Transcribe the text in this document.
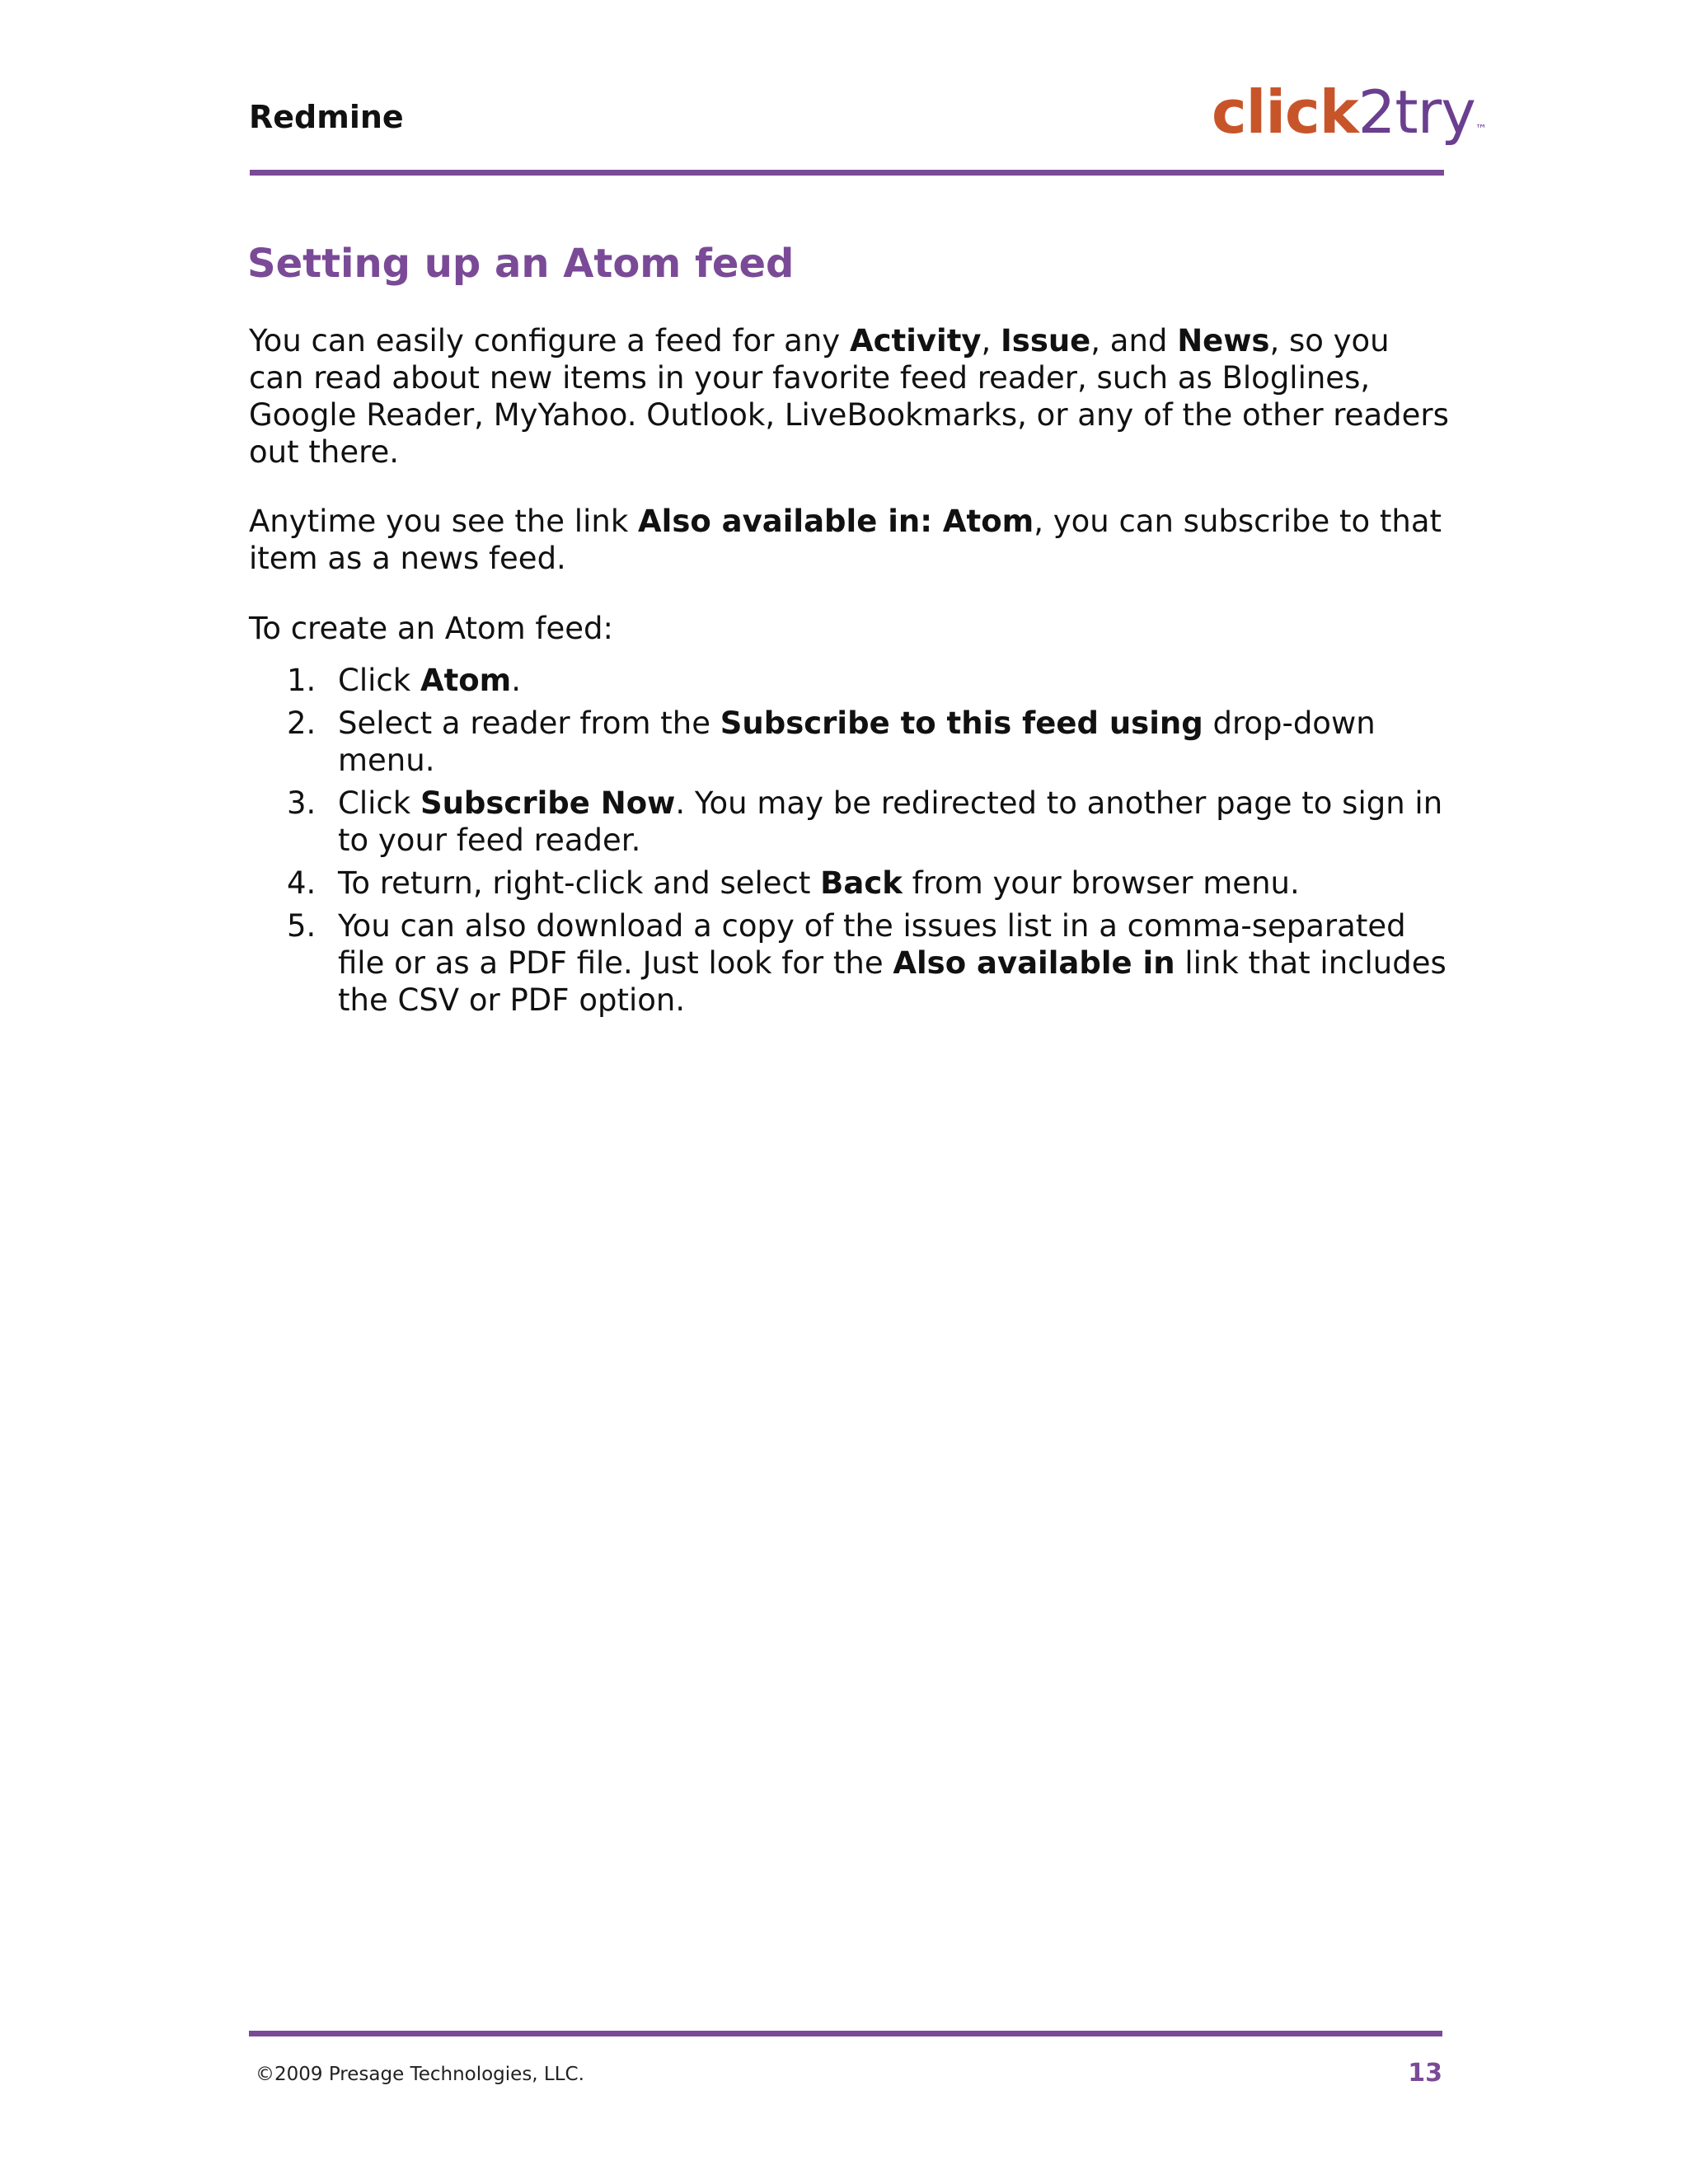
Redmine	click2try™
Setting up an Atom feed

You can easily configure a feed for any Activity, Issue, and News, so you can read about new items in your favorite feed reader, such as Bloglines, Google Reader, MyYahoo. Outlook, LiveBookmarks, or any of the other readers out there.

Anytime you see the link Also available in: Atom, you can subscribe to that item as a news feed.

To create an Atom feed:

1. Click Atom.
2. Select a reader from the Subscribe to this feed using drop-down menu.
3. Click Subscribe Now. You may be redirected to another page to sign in to your feed reader.
4. To return, right-click and select Back from your browser menu.
5. You can also download a copy of the issues list in a comma-separated file or as a PDF file. Just look for the Also available in link that includes the CSV or PDF option.
©2009 Presage Technologies, LLC.	13
